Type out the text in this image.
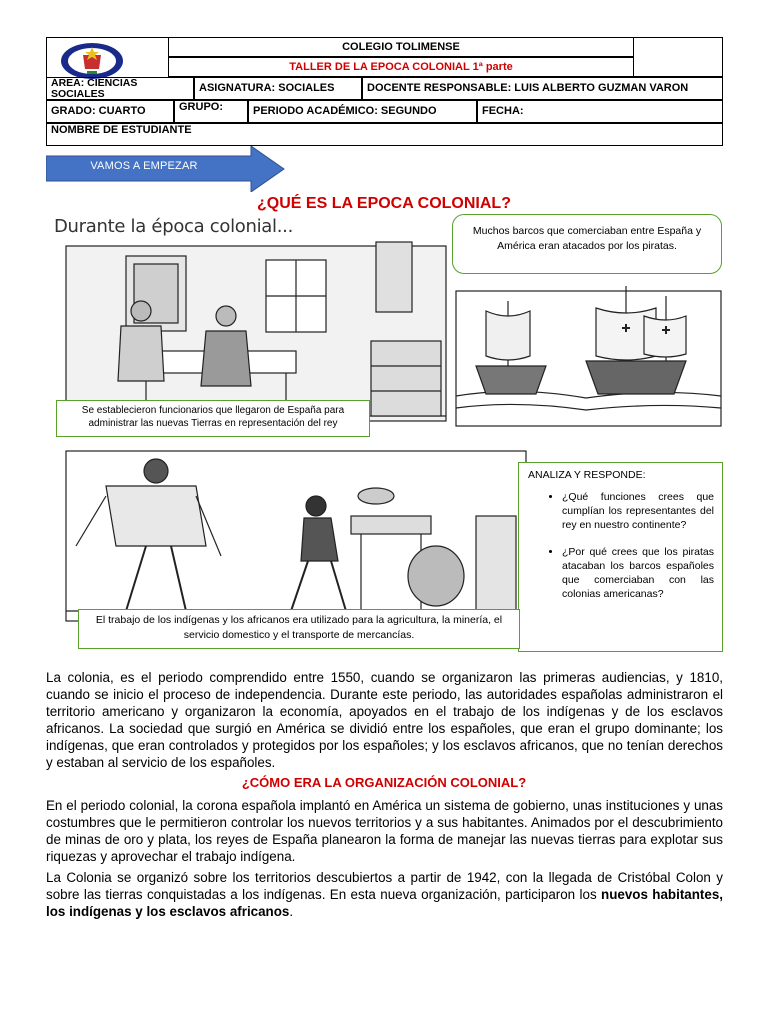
COLEGIO TOLIMENSE
TALLER DE LA EPOCA COLONIAL 1ª parte
ÁREA: CIENCIAS SOCIALES	ASIGNATURA: SOCIALES	DOCENTE RESPONSABLE: LUIS ALBERTO GUZMAN VARON
GRADO: CUARTO	GRUPO:	PERIODO ACADÉMICO: SEGUNDO	FECHA:
NOMBRE DE ESTUDIANTE
VAMOS A EMPEZAR
¿QUÉ ES LA EPOCA COLONIAL?
Durante la época colonial...	Muchos barcos que comerciaban entre España y América eran atacados por los piratas.
Se establecieron funcionarios que llegaron de España para administrar las nuevas Tierras en representación del rey
ANALIZA Y RESPONDE:
• ¿Qué funciones crees que cumplían los representantes del rey en nuestro continente?
• ¿Por qué crees que los piratas atacaban los barcos españoles que comerciaban con las colonias americanas?
El trabajo de los indígenas y los africanos era utilizado para la agricultura, la minería, el servicio domestico y el transporte de mercancías.
La colonia, es el periodo comprendido entre 1550, cuando se organizaron las primeras audiencias, y 1810, cuando se inicio el proceso de independencia. Durante este periodo, las autoridades españolas administraron el territorio americano y organizaron la economía, apoyados en el trabajo de los indígenas y de los esclavos africanos. La sociedad que surgió en América se dividió entre los españoles, que eran el grupo dominante; los indígenas, que eran controlados y protegidos por los españoles; y los esclavos africanos, que no tenían derechos y estaban al servicio de los españoles.
¿CÓMO ERA LA ORGANIZACIÓN COLONIAL?
En el periodo colonial, la corona española implantó en América un sistema de gobierno, unas instituciones y unas costumbres que le permitieron controlar los nuevos territorios y a sus habitantes. Animados por el descubrimiento de minas de oro y plata, los reyes de España planearon la forma de manejar las nuevas tierras para explotar sus riquezas y aprovechar el trabajo indígena.
La Colonia se organizó sobre los territorios descubiertos a partir de 1942, con la llegada de Cristóbal Colon y sobre las tierras conquistadas a los indígenas. En esta nueva organización, participaron los nuevos habitantes, los indígenas y los esclavos africanos.
